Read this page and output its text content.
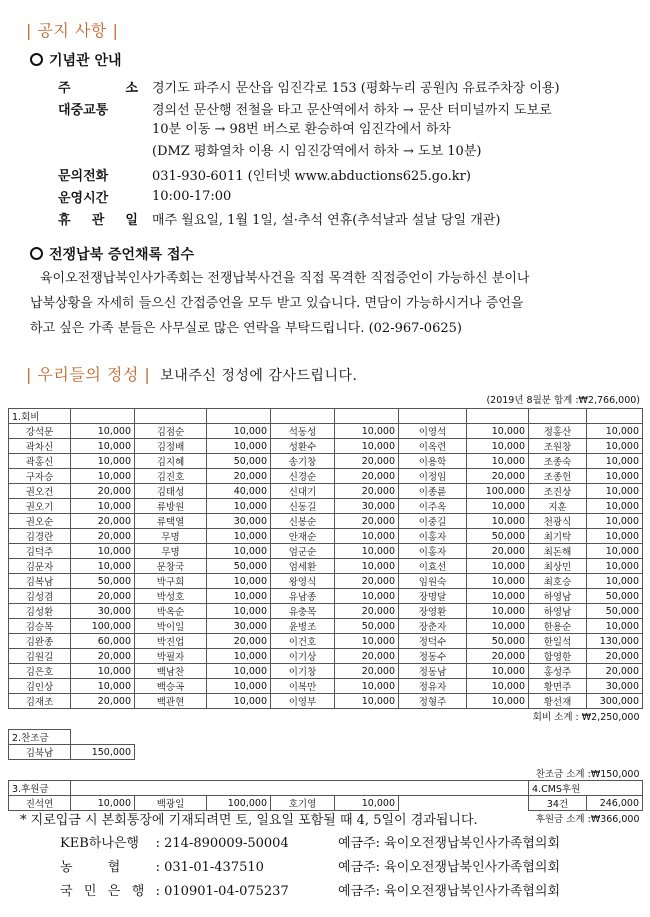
| 공지 사항 |
기념관 안내
주 소 경기도 파주시 문산읍 임진각로 153 (평화누리 공원內 유료주차장 이용)
대중교통	경의선 문산행 전철을 타고 문산역에서 하차 → 문산 터미널까지 도보로
10분 이동 → 98번 버스로 환승하여 임진각에서 하차
(DMZ 평화열차 이용 시 임진강역에서 하차 → 도보 10분)
문의전화	031-930-6011 (인터넷 www.abductions625.go.kr)
운영시간	10:00-17:00
휴 관 일 매주 월요일, 1월 1일, 설·추석 연휴(추석날과 설날 당일 개관)
전쟁납북 증언채록 접수

육이오전쟁납북인사가족회는 전쟁납북사건을 직접 목격한 직접증언이 가능하신 분이나

납북상황을 자세히 들으신 간접증언을 모두 받고 있습니다. 면담이 가능하시거나 증언을

하고 싶은 가족 분들은 사무실로 많은 연락을 부탁드립니다. (02-967-0625)

| 우리들의 정성 | 보내주신 정성에 감사드립니다.
(2019년 8월분 합계 :₩2,766,000)
1.회비									
강석문	10,000	김점순	10,000	석동성	10,000	이영석	10,000	정홍산	10,000
곽차신	10,000	김정배	10,000	성환수	10,000	이옥련	10,000	조원창	10,000
곽홍신	10,000	김지혜	50,000	송기창	20,000	이용학	10,000	조종숙	10,000
구자승	10,000	김진호	20,000	신경순	20,000	이정임	20,000	조종헌	10,000
권오건	20,000	김태성	40,000	신대기	20,000	이종륜	100,000	조진상	10,000
권오기	10,000	류방원	10,000	신동길	30,000	이주옥	10,000	지훈	10,000
권오순	20,000	류택열	30,000	신봉순	20,000	이중길	10,000	천광식	10,000
김경란	20,000	무명	10,000	안재순	10,000	이홍자	50,000	최기탁	10,000
김덕주	10,000	무명	10,000	엄군순	10,000	이홍자	20,000	최돈해	10,000
김문자	10,000	문창국	50,000	엄세환	10,000	이효선	10,000	최상민	10,000
김복남	50,000	박구희	10,000	왕영식	20,000	임원숙	10,000	최호승	10,000
김성겸	20,000	박성호	10,000	유남종	10,000	장명달	10,000	하영남	50,000
김성환	30,000	박옥순	10,000	유충목	20,000	장영환	10,000	하영남	50,000
김승목	100,000	박이일	30,000	윤병조	50,000	장춘자	10,000	한용순	10,000
김완종	60,000	박진업	20,000	이건호	10,000	정덕수	50,000	한일석	130,000
김원길	20,000	박필자	10,000	이기상	20,000	정동수	20,000	함영한	20,000
김은호	10,000	백남찬	10,000	이기창	20,000	정동남	10,000	홍성주	20,000
김인상	10,000	백승곡	10,000	이복만	10,000	정유자	10,000	황면주	30,000
김재조	20,000	백관현	10,000	이영부	10,000	정형주	10,000	황선재	300,000
회비 소계 : ₩2,250,000									

2.찬조금									
김북남	150,000								

찬조금 소계 :₩150,000									
3.후원금								4.CMS후원	
진석연	10,000	백광일	100,000	호기영	10,000			34건	246,000
후원금 소계 :₩366,000									
* 지로입금 시 본회통장에 기재되려면 토, 일요일 포함될 때 4, 5일이 경과됩니다.
KEB하나은행 : 214-890009-50004	예금주: 육이오전쟁납북인사가족협의회
농 협 : 031-01-437510	예금주: 육이오전쟁납북인사가족협의회
국 민 은 행 : 010901-04-075237	예금주: 육이오전쟁납북인사가족협의회
